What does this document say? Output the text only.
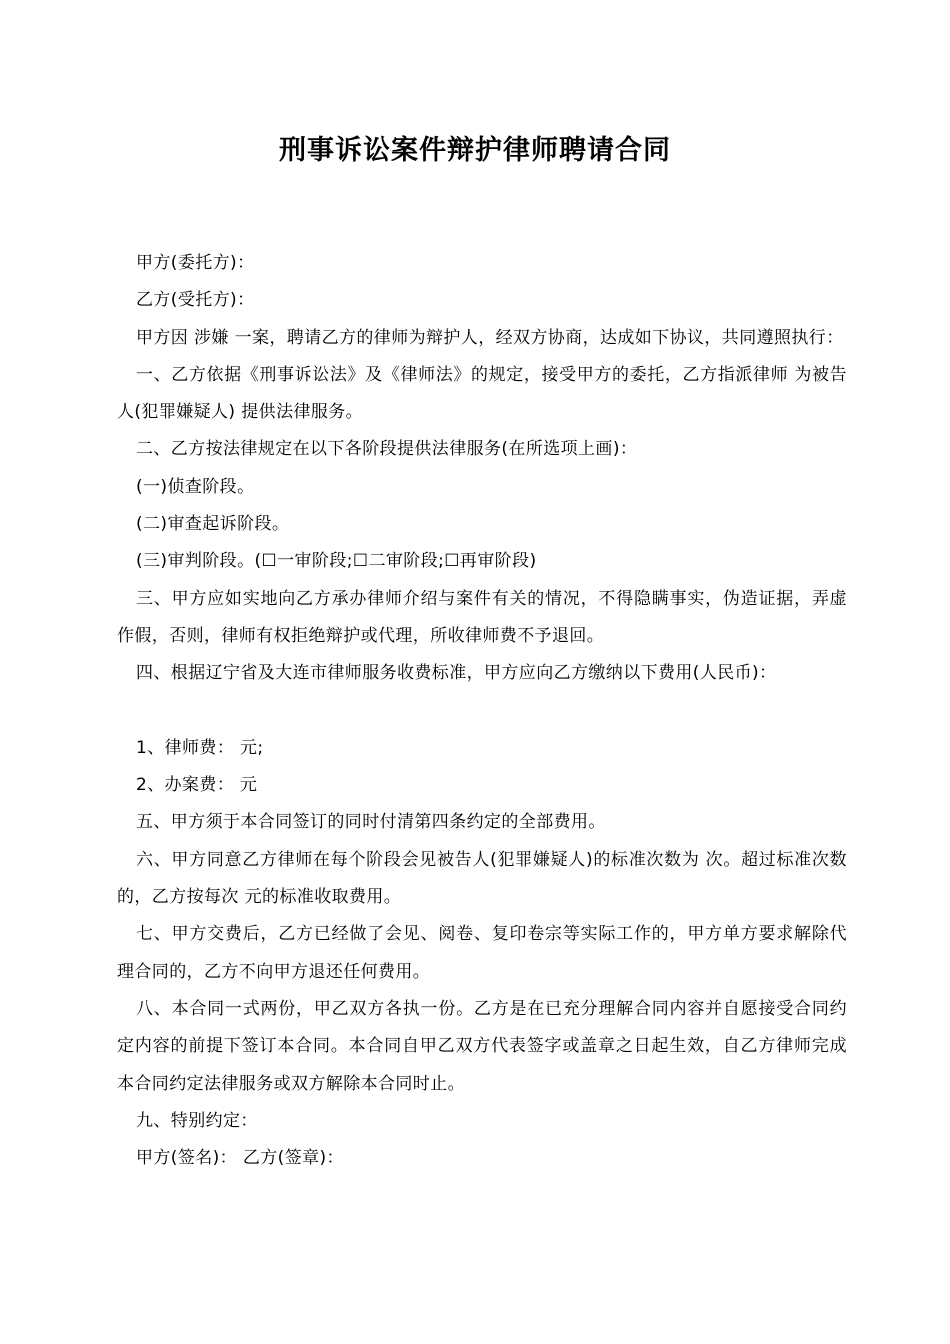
刑事诉讼案件辩护律师聘请合同

甲方(委托方)：

乙方(受托方)：

甲方因 涉嫌 一案，聘请乙方的律师为辩护人，经双方协商，达成如下协议，共同遵照执行：

一、乙方依据《刑事诉讼法》及《律师法》的规定，接受甲方的委托，乙方指派律师 为被告人(犯罪嫌疑人) 提供法律服务。

二、乙方按法律规定在以下各阶段提供法律服务(在所选项上画)：

(一)侦查阶段。

(二)审查起诉阶段。

(三)审判阶段。(☐一审阶段;☐二审阶段;☐再审阶段)

三、甲方应如实地向乙方承办律师介绍与案件有关的情况，不得隐瞒事实，伪造证据，弄虚作假，否则，律师有权拒绝辩护或代理，所收律师费不予退回。

四、根据辽宁省及大连市律师服务收费标准，甲方应向乙方缴纳以下费用(人民币)：

1、律师费： 元;

2、办案费： 元

五、甲方须于本合同签订的同时付清第四条约定的全部费用。

六、甲方同意乙方律师在每个阶段会见被告人(犯罪嫌疑人)的标准次数为 次。超过标准次数的，乙方按每次 元的标准收取费用。

七、甲方交费后，乙方已经做了会见、阅卷、复印卷宗等实际工作的，甲方单方要求解除代理合同的，乙方不向甲方退还任何费用。

八、本合同一式两份，甲乙双方各执一份。乙方是在已充分理解合同内容并自愿接受合同约定内容的前提下签订本合同。本合同自甲乙双方代表签字或盖章之日起生效，自乙方律师完成本合同约定法律服务或双方解除本合同时止。

九、特别约定：

甲方(签名)： 乙方(签章)：
